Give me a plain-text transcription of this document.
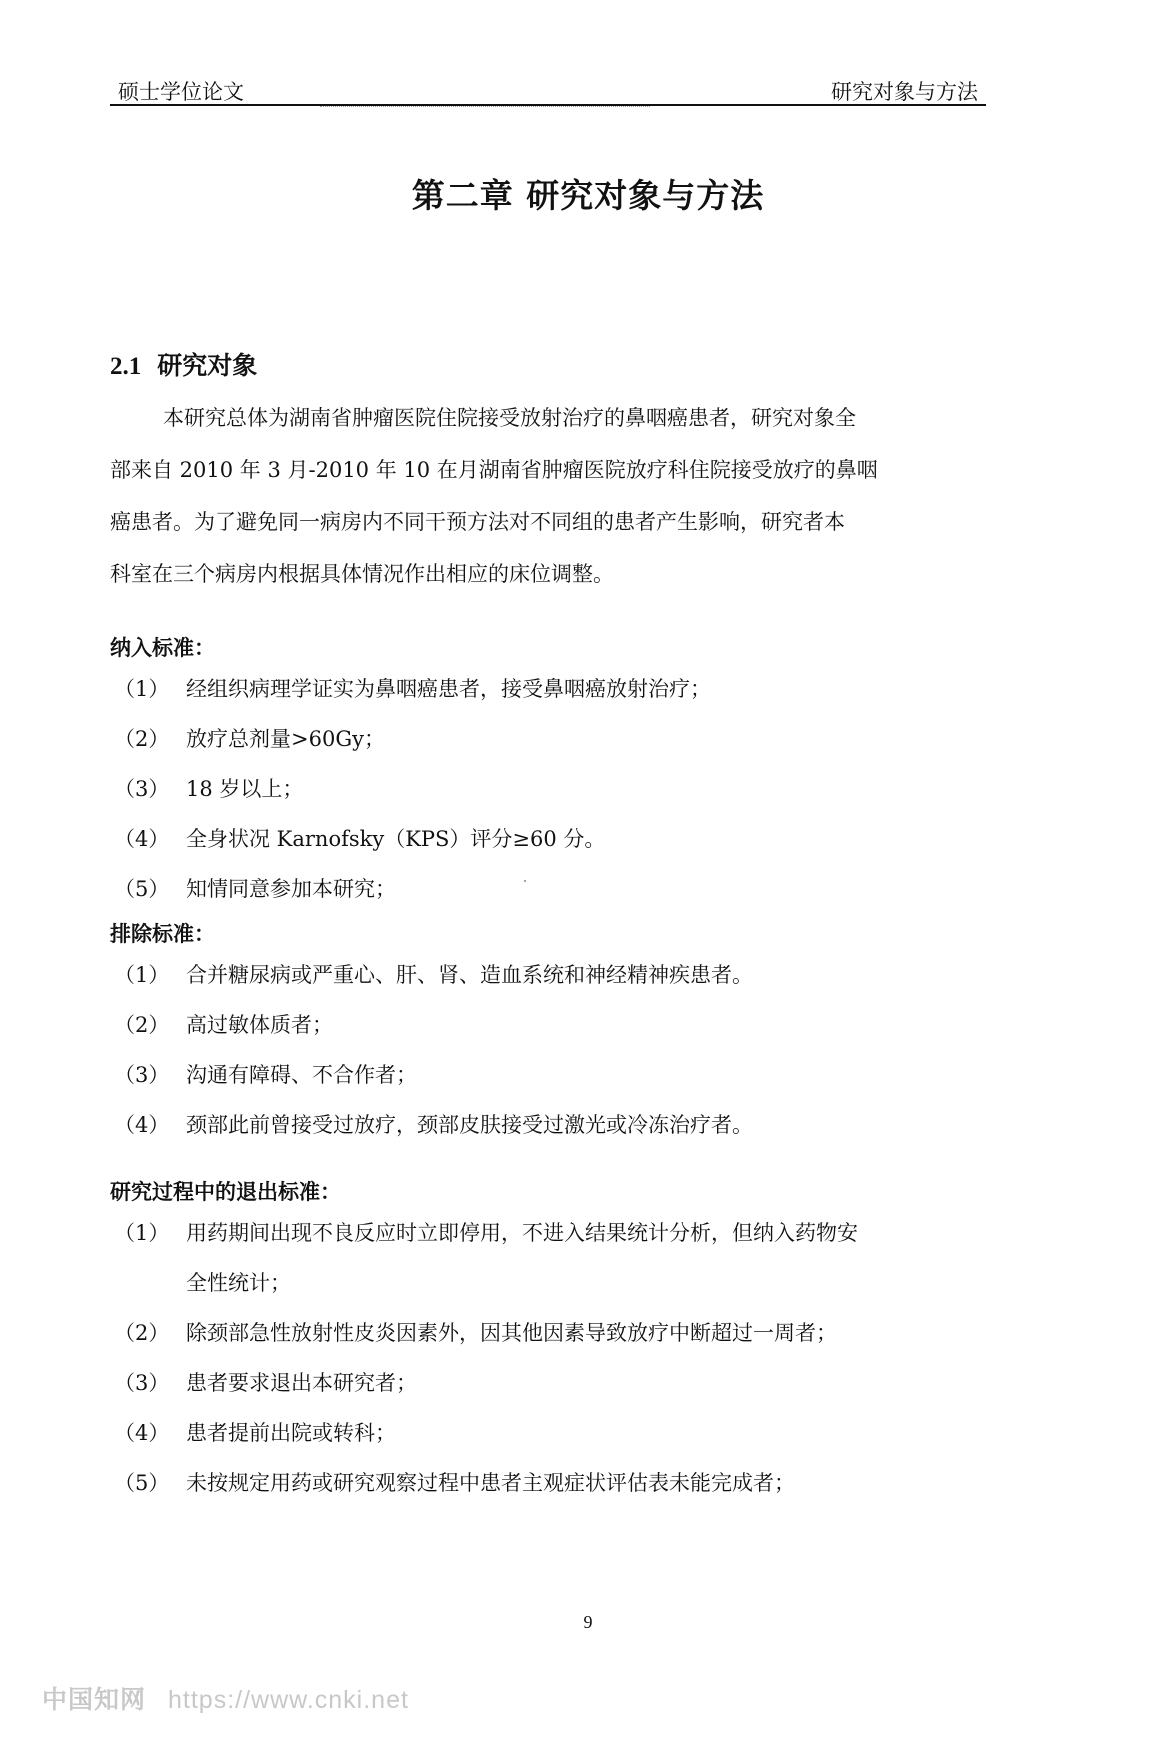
硕士学位论文	研究对象与方法
第二章 研究对象与方法
2.1 研究对象
本研究总体为湖南省肿瘤医院住院接受放射治疗的鼻咽癌患者，研究对象全
部来自 2010 年 3 月-2010 年 10 在月湖南省肿瘤医院放疗科住院接受放疗的鼻咽
癌患者。为了避免同一病房内不同干预方法对不同组的患者产生影响，研究者本
科室在三个病房内根据具体情况作出相应的床位调整。
纳入标准：
（1） 经组织病理学证实为鼻咽癌患者，接受鼻咽癌放射治疗；
（2） 放疗总剂量>60Gy；
（3） 18 岁以上；
（4） 全身状况 Karnofsky（KPS）评分≥60 分。
（5） 知情同意参加本研究；
排除标准：
（1） 合并糖尿病或严重心、肝、肾、造血系统和神经精神疾患者。
（2） 高过敏体质者；
（3） 沟通有障碍、不合作者；
（4） 颈部此前曾接受过放疗，颈部皮肤接受过激光或冷冻治疗者。
研究过程中的退出标准：
（1） 用药期间出现不良反应时立即停用，不进入结果统计分析，但纳入药物安
全性统计；
（2） 除颈部急性放射性皮炎因素外，因其他因素导致放疗中断超过一周者；
（3） 患者要求退出本研究者；
（4） 患者提前出院或转科；
（5） 未按规定用药或研究观察过程中患者主观症状评估表未能完成者；
9
中国知网 https://www.cnki.net
